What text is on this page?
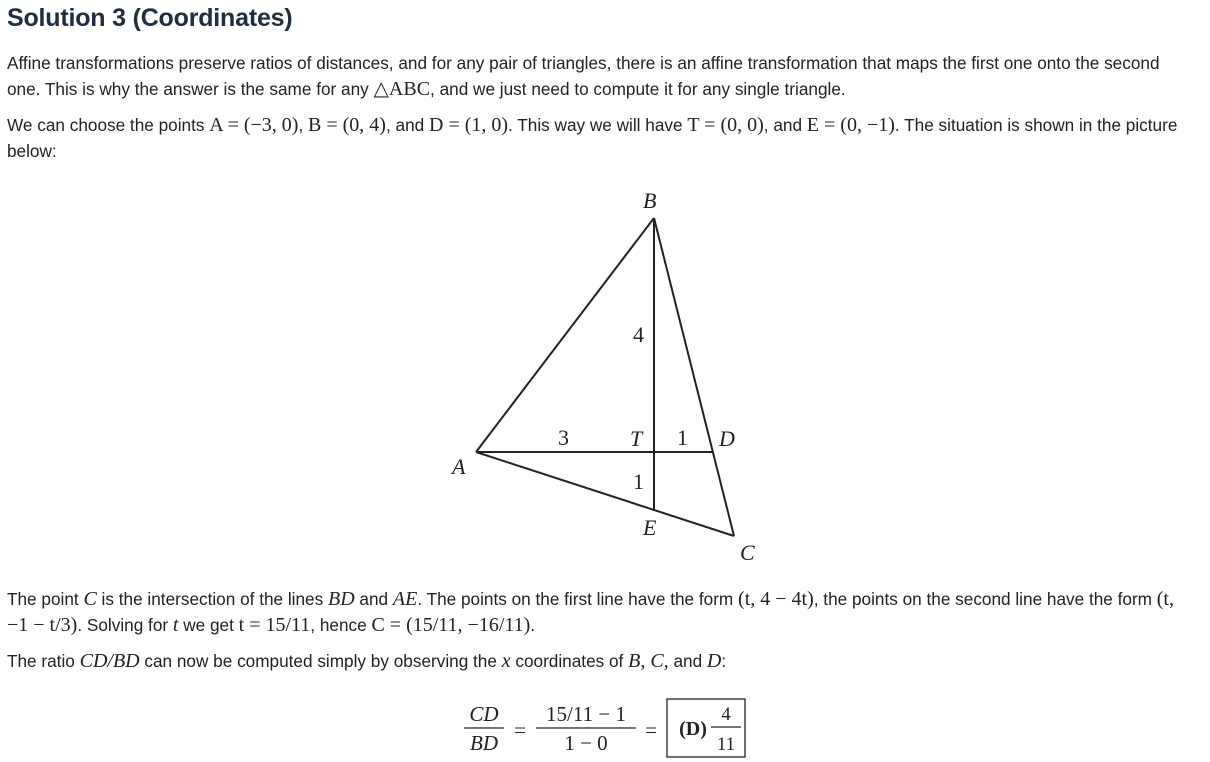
Solution 3 (Coordinates)

Affine transformations preserve ratios of distances, and for any pair of triangles, there is an affine transformation that maps the first one onto the second one. This is why the answer is the same for any △ABC, and we just need to compute it for any single triangle.

We can choose the points A = (−3, 0), B = (0, 4), and D = (1, 0). This way we will have T = (0, 0), and E = (0, −1). The situation is shown in the picture below:

B
A
C
D
T
E
3
4
1
1
CD
BD
=
15/11 − 1
1 − 0
= (D)
4
11

The point C is the intersection of the lines BD and AE. The points on the first line have the form (t, 4 − 4t), the points on the second line have the form (t, −1 − t/3). Solving for t we get t = 15/11, hence C = (15/11, −16/11).

The ratio CD/BD can now be computed simply by observing the x coordinates of B, C, and D:
